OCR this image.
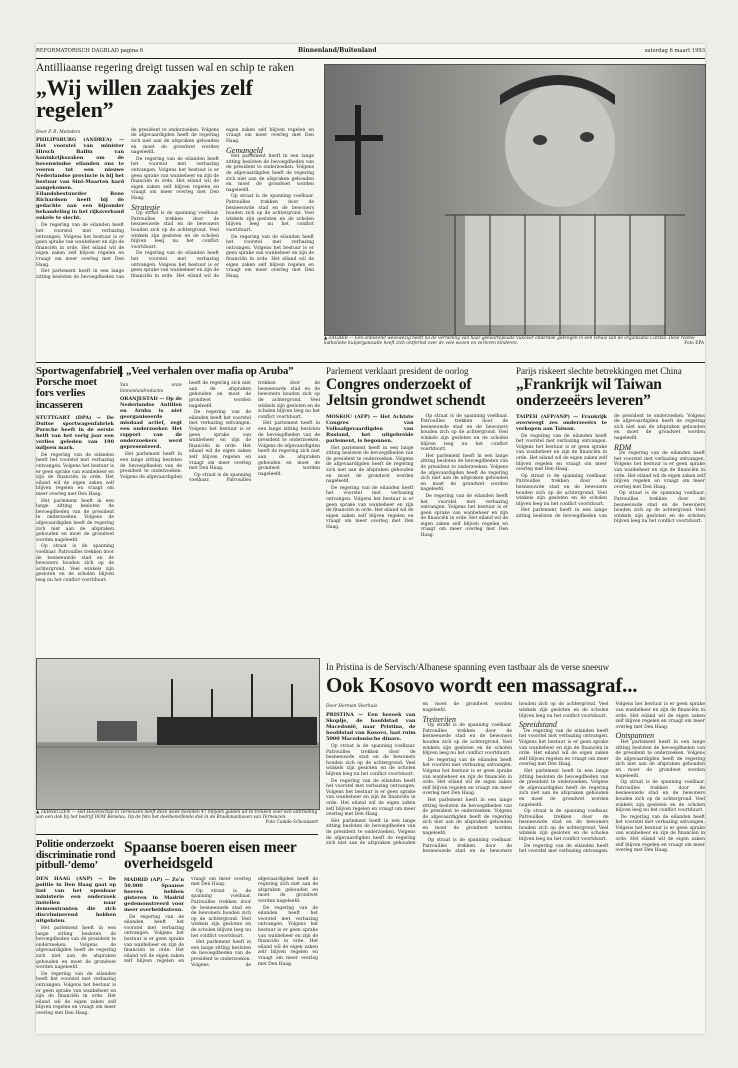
REFORMATORISCH DAGBLAD pagina 6	Binnenland/Buitenland	zaterdag 6 maart 1993
Antilliaanse regering dreigt tussen wal en schip te raken
„Wij willen zaakjes zelf regelen”
Door P. R. Meinders
PHILIPSBURG (ANDREA) — Het voorstel van minister Hirsch Ballin van koninkrijkszaken om de bovenwindse eilanden ons te voeren tot een nieuwe Nederlandse provincie is bij het bestuur van Sint-Maarten hard aangekomen. Eilandsbestuurder Rene Richardson heeft bij de gedachte aan een bijzonder behandeling in het rijksverband enkele te slecht.

De regering van de eilanden heeft het voorstel met verbazing ontvangen. Volgens het bestuur is er geen sprake van wanbeheer en zijn de financiën in orde. Het eiland wil de eigen zaken zelf blijven regelen en vraagt om meer overleg met Den Haag.

Het parlement heeft in een lange zitting besloten de bevoegdheden van de president te onderzoeken. Volgens de afgevaardigden heeft de regering zich niet aan de afspraken gehouden en moet de grondwet worden nageleefd.

De regering van de eilanden heeft het voorstel met verbazing ontvangen. Volgens het bestuur is er geen sprake van wanbeheer en zijn de financiën in orde. Het eiland wil de eigen zaken zelf blijven regelen en vraagt om meer overleg met Den Haag.

Strategie

Op straat is de spanning voelbaar. Patrouilles trekken door de besneeuwde stad en de bewoners houden zich op de achtergrond. Veel winkels zijn gesloten en de scholen blijven leeg nu het conflict voortduurt.

De regering van de eilanden heeft het voorstel met verbazing ontvangen. Volgens het bestuur is er geen sprake van wanbeheer en zijn de financiën in orde. Het eiland wil de eigen zaken zelf blijven regelen en vraagt om meer overleg met Den Haag.

Gemangeld

Het parlement heeft in een lange zitting besloten de bevoegdheden van de president te onderzoeken. Volgens de afgevaardigden heeft de regering zich niet aan de afspraken gehouden en moet de grondwet worden nageleefd.

Op straat is de spanning voelbaar. Patrouilles trekken door de besneeuwde stad en de bewoners houden zich op de achtergrond. Veel winkels zijn gesloten en de scholen blijven leeg nu het conflict voortduurt.

De regering van de eilanden heeft het voorstel met verbazing ontvangen. Volgens het bestuur is er geen sprake van wanbeheer en zijn de financiën in orde. Het eiland wil de eigen zaken zelf blijven regelen en vraagt om meer overleg met Den Haag.

▲ ZAGREB — Een onbekend weeswezig heeft na de vernieling van haar geboorteplaats Vukovar onderdak gekregen in een tehuis van de organisatie Caritas. Deze rooms-katholieke hulporganisatie heeft zich ontfermd over de vele wezen en verloren kinderen.	Foto EPA
Sportwagenfabriek Porsche moet fors verlies incasseren
STUTTGART (DPA) — De Duitse sportwagenfabriek Porsche heeft in de eerste helft van het vorig jaar een verlies geleden van 190 miljoen mark.

De regering van de eilanden heeft het voorstel met verbazing ontvangen. Volgens het bestuur is er geen sprake van wanbeheer en zijn de financiën in orde. Het eiland wil de eigen zaken zelf blijven regelen en vraagt om meer overleg met Den Haag.

Het parlement heeft in een lange zitting besloten de bevoegdheden van de president te onderzoeken. Volgens de afgevaardigden heeft de regering zich niet aan de afspraken gehouden en moet de grondwet worden nageleefd.

Op straat is de spanning voelbaar. Patrouilles trekken door de besneeuwde stad en de bewoners houden zich op de achtergrond. Veel winkels zijn gesloten en de scholen blijven leeg nu het conflict voortduurt.

„Veel verhalen over mafia op Aruba”
Van onze binnenlandredactie
ORANJESTAD — Op de Nederlandse Antillen en Aruba is niet georganiseerde misdaad actief, zegt een onderzoeker. Het rapport van de onderzoekers werd gepresenteerd.

Het parlement heeft in een lange zitting besloten de bevoegdheden van de president te onderzoeken. Volgens de afgevaardigden heeft de regering zich niet aan de afspraken gehouden en moet de grondwet worden nageleefd.

De regering van de eilanden heeft het voorstel met verbazing ontvangen. Volgens het bestuur is er geen sprake van wanbeheer en zijn de financiën in orde. Het eiland wil de eigen zaken zelf blijven regelen en vraagt om meer overleg met Den Haag.

Op straat is de spanning voelbaar. Patrouilles trekken door de besneeuwde stad en de bewoners houden zich op de achtergrond. Veel winkels zijn gesloten en de scholen blijven leeg nu het conflict voortduurt.

Het parlement heeft in een lange zitting besloten de bevoegdheden van de president te onderzoeken. Volgens de afgevaardigden heeft de regering zich niet aan de afspraken gehouden en moet de grondwet worden nageleefd.

Parlement verklaart president de oorlog
Congres onderzoekt of Jeltsin grondwet schendt
MOSKOU (AFP) — Het Achtste Congres van Volksafgevaardigden van Rusland, het uitgebreide parlement, is begonnen.

Het parlement heeft in een lange zitting besloten de bevoegdheden van de president te onderzoeken. Volgens de afgevaardigden heeft de regering zich niet aan de afspraken gehouden en moet de grondwet worden nageleefd.

De regering van de eilanden heeft het voorstel met verbazing ontvangen. Volgens het bestuur is er geen sprake van wanbeheer en zijn de financiën in orde. Het eiland wil de eigen zaken zelf blijven regelen en vraagt om meer overleg met Den Haag.

Op straat is de spanning voelbaar. Patrouilles trekken door de besneeuwde stad en de bewoners houden zich op de achtergrond. Veel winkels zijn gesloten en de scholen blijven leeg nu het conflict voortduurt.

Het parlement heeft in een lange zitting besloten de bevoegdheden van de president te onderzoeken. Volgens de afgevaardigden heeft de regering zich niet aan de afspraken gehouden en moet de grondwet worden nageleefd.

De regering van de eilanden heeft het voorstel met verbazing ontvangen. Volgens het bestuur is er geen sprake van wanbeheer en zijn de financiën in orde. Het eiland wil de eigen zaken zelf blijven regelen en vraagt om meer overleg met Den Haag.

Parijs riskeert slechte betrekkingen met China
„Frankrijk wil Taiwan onderzeeërs leveren”
TAIPEH (AFP/ANP) — Frankrijk overweegt zes onderzeeërs te verkopen aan Taiwan.

De regering van de eilanden heeft het voorstel met verbazing ontvangen. Volgens het bestuur is er geen sprake van wanbeheer en zijn de financiën in orde. Het eiland wil de eigen zaken zelf blijven regelen en vraagt om meer overleg met Den Haag.

Op straat is de spanning voelbaar. Patrouilles trekken door de besneeuwde stad en de bewoners houden zich op de achtergrond. Veel winkels zijn gesloten en de scholen blijven leeg nu het conflict voortduurt.

Het parlement heeft in een lange zitting besloten de bevoegdheden van de president te onderzoeken. Volgens de afgevaardigden heeft de regering zich niet aan de afspraken gehouden en moet de grondwet worden nageleefd.

RDM

De regering van de eilanden heeft het voorstel met verbazing ontvangen. Volgens het bestuur is er geen sprake van wanbeheer en zijn de financiën in orde. Het eiland wil de eigen zaken zelf blijven regelen en vraagt om meer overleg met Den Haag.

Op straat is de spanning voelbaar. Patrouilles trekken door de besneeuwde stad en de bewoners houden zich op de achtergrond. Veel winkels zijn gesloten en de scholen blijven leeg nu het conflict voortduurt.

▲ TERNEUZEN — Het Havenschap in Terneuzen heeft deze week besloten 47 miljoen gulden uit te trekken voor een uitbreiding van een dok bij het bedrijf DOW Benelux. Op de foto het deelbenelfende dok in de Braakmanhaven van Terneuzen.
Foto Camile Schoonaert
In Pristina is de Servisch/Albanese spanning even tastbaar als de verse sneeuw
Ook Kosovo wordt een massagraf...
Door Herman Veerhuis
PRISTINA — Een bezoek van Skoplje, de hoofdstad van Macedonië, naar Pristina, de hoofdstad van Kosovo, laat ruim 5000 Macedonische dinars.

Op straat is de spanning voelbaar. Patrouilles trekken door de besneeuwde stad en de bewoners houden zich op de achtergrond. Veel winkels zijn gesloten en de scholen blijven leeg nu het conflict voortduurt.

De regering van de eilanden heeft het voorstel met verbazing ontvangen. Volgens het bestuur is er geen sprake van wanbeheer en zijn de financiën in orde. Het eiland wil de eigen zaken zelf blijven regelen en vraagt om meer overleg met Den Haag.

Het parlement heeft in een lange zitting besloten de bevoegdheden van de president te onderzoeken. Volgens de afgevaardigden heeft de regering zich niet aan de afspraken gehouden en moet de grondwet worden nageleefd.

Treiterijen

Op straat is de spanning voelbaar. Patrouilles trekken door de besneeuwde stad en de bewoners houden zich op de achtergrond. Veel winkels zijn gesloten en de scholen blijven leeg nu het conflict voortduurt.

De regering van de eilanden heeft het voorstel met verbazing ontvangen. Volgens het bestuur is er geen sprake van wanbeheer en zijn de financiën in orde. Het eiland wil de eigen zaken zelf blijven regelen en vraagt om meer overleg met Den Haag.

Het parlement heeft in een lange zitting besloten de bevoegdheden van de president te onderzoeken. Volgens de afgevaardigden heeft de regering zich niet aan de afspraken gehouden en moet de grondwet worden nageleefd.

Op straat is de spanning voelbaar. Patrouilles trekken door de besneeuwde stad en de bewoners houden zich op de achtergrond. Veel winkels zijn gesloten en de scholen blijven leeg nu het conflict voortduurt.

Spreidstand

De regering van de eilanden heeft het voorstel met verbazing ontvangen. Volgens het bestuur is er geen sprake van wanbeheer en zijn de financiën in orde. Het eiland wil de eigen zaken zelf blijven regelen en vraagt om meer overleg met Den Haag.

Het parlement heeft in een lange zitting besloten de bevoegdheden van de president te onderzoeken. Volgens de afgevaardigden heeft de regering zich niet aan de afspraken gehouden en moet de grondwet worden nageleefd.

Op straat is de spanning voelbaar. Patrouilles trekken door de besneeuwde stad en de bewoners houden zich op de achtergrond. Veel winkels zijn gesloten en de scholen blijven leeg nu het conflict voortduurt.

De regering van de eilanden heeft het voorstel met verbazing ontvangen. Volgens het bestuur is er geen sprake van wanbeheer en zijn de financiën in orde. Het eiland wil de eigen zaken zelf blijven regelen en vraagt om meer overleg met Den Haag.

Ontspannen

Het parlement heeft in een lange zitting besloten de bevoegdheden van de president te onderzoeken. Volgens de afgevaardigden heeft de regering zich niet aan de afspraken gehouden en moet de grondwet worden nageleefd.

Op straat is de spanning voelbaar. Patrouilles trekken door de besneeuwde stad en de bewoners houden zich op de achtergrond. Veel winkels zijn gesloten en de scholen blijven leeg nu het conflict voortduurt.

De regering van de eilanden heeft het voorstel met verbazing ontvangen. Volgens het bestuur is er geen sprake van wanbeheer en zijn de financiën in orde. Het eiland wil de eigen zaken zelf blijven regelen en vraagt om meer overleg met Den Haag.

Politie onderzoekt discriminatie rond pitbull-’demo’
DEN HAAG (ANP) — De politie in Den Haag gaat op last van het openbaar ministerie een onderzoek instellen naar demonstranten die zich discriminerend hebben uitgelaten.

Het parlement heeft in een lange zitting besloten de bevoegdheden van de president te onderzoeken. Volgens de afgevaardigden heeft de regering zich niet aan de afspraken gehouden en moet de grondwet worden nageleefd.

De regering van de eilanden heeft het voorstel met verbazing ontvangen. Volgens het bestuur is er geen sprake van wanbeheer en zijn de financiën in orde. Het eiland wil de eigen zaken zelf blijven regelen en vraagt om meer overleg met Den Haag.

Spaanse boeren eisen meer overheidsgeld
MADRID (AP) — Zo’n 50.000 Spaanse boeren hebben gisteren in Madrid gedemonstreerd voor meer overheidssteun.

De regering van de eilanden heeft het voorstel met verbazing ontvangen. Volgens het bestuur is er geen sprake van wanbeheer en zijn de financiën in orde. Het eiland wil de eigen zaken zelf blijven regelen en vraagt om meer overleg met Den Haag.

Op straat is de spanning voelbaar. Patrouilles trekken door de besneeuwde stad en de bewoners houden zich op de achtergrond. Veel winkels zijn gesloten en de scholen blijven leeg nu het conflict voortduurt.

Het parlement heeft in een lange zitting besloten de bevoegdheden van de president te onderzoeken. Volgens de afgevaardigden heeft de regering zich niet aan de afspraken gehouden en moet de grondwet worden nageleefd.

De regering van de eilanden heeft het voorstel met verbazing ontvangen. Volgens het bestuur is er geen sprake van wanbeheer en zijn de financiën in orde. Het eiland wil de eigen zaken zelf blijven regelen en vraagt om meer overleg met Den Haag.
